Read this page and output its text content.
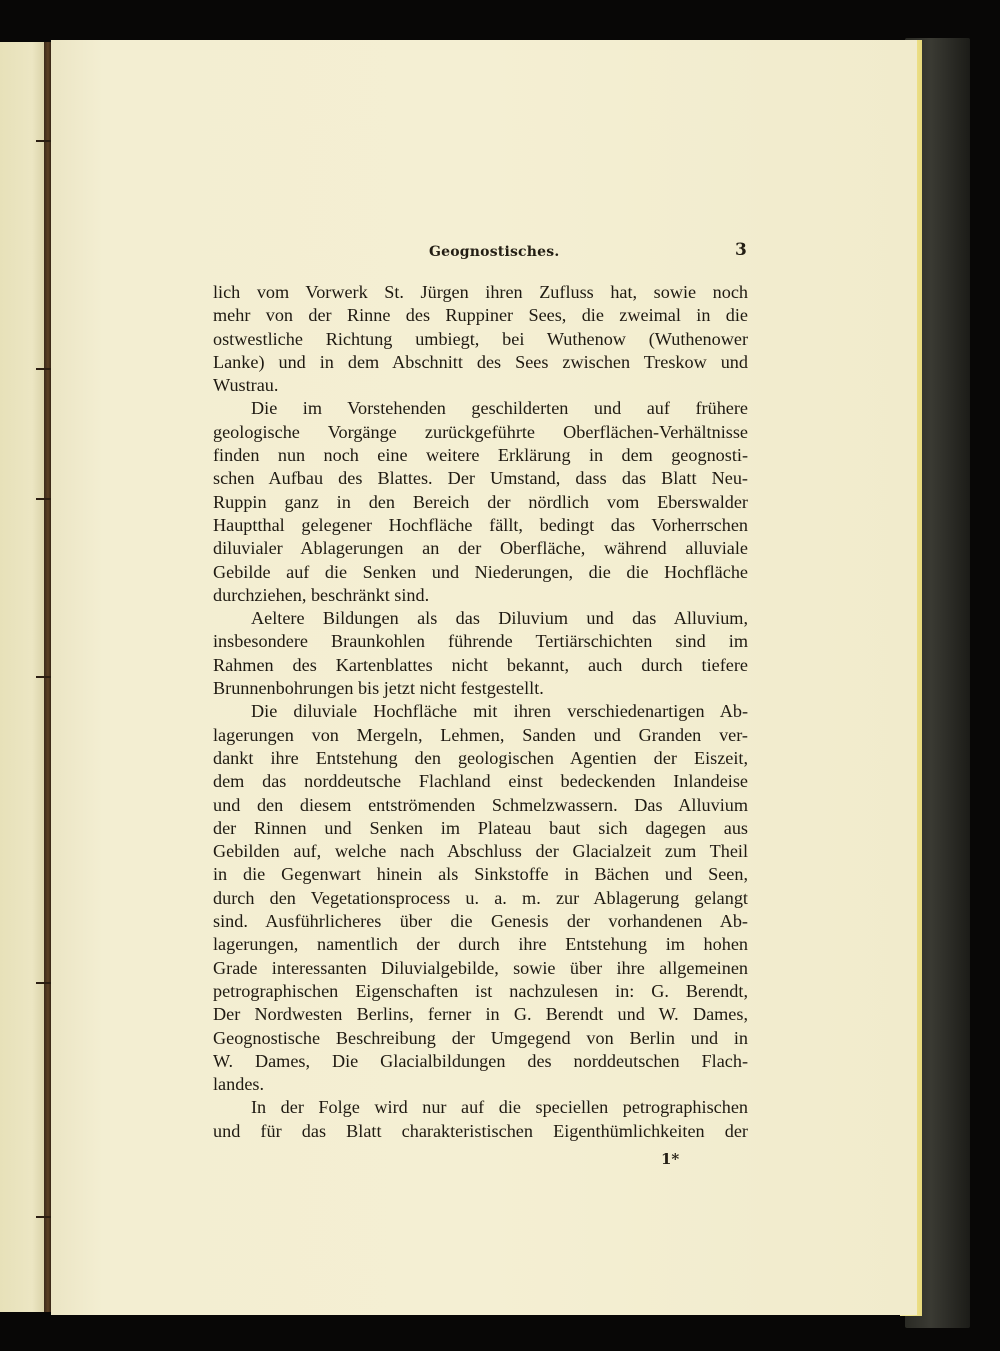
Geognostisches.	3
lich vom Vorwerk St. Jürgen ihren Zufluss hat, sowie noch
mehr von der Rinne des Ruppiner Sees, die zweimal in die
ostwestliche Richtung umbiegt, bei Wuthenow (Wuthenower
Lanke) und in dem Abschnitt des Sees zwischen Treskow und
Wustrau.
Die im Vorstehenden geschilderten und auf frühere
geologische Vorgänge zurückgeführte Oberflächen-Verhältnisse
finden nun noch eine weitere Erklärung in dem geognosti-
schen Aufbau des Blattes. Der Umstand, dass das Blatt Neu-
Ruppin ganz in den Bereich der nördlich vom Eberswalder
Hauptthal gelegener Hochfläche fällt, bedingt das Vorherrschen
diluvialer Ablagerungen an der Oberfläche, während alluviale
Gebilde auf die Senken und Niederungen, die die Hochfläche
durchziehen, beschränkt sind.
Aeltere Bildungen als das Diluvium und das Alluvium,
insbesondere Braunkohlen führende Tertiärschichten sind im
Rahmen des Kartenblattes nicht bekannt, auch durch tiefere
Brunnenbohrungen bis jetzt nicht festgestellt.
Die diluviale Hochfläche mit ihren verschiedenartigen Ab-
lagerungen von Mergeln, Lehmen, Sanden und Granden ver-
dankt ihre Entstehung den geologischen Agentien der Eiszeit,
dem das norddeutsche Flachland einst bedeckenden Inlandeise
und den diesem entströmenden Schmelzwassern. Das Alluvium
der Rinnen und Senken im Plateau baut sich dagegen aus
Gebilden auf, welche nach Abschluss der Glacialzeit zum Theil
in die Gegenwart hinein als Sinkstoffe in Bächen und Seen,
durch den Vegetationsprocess u. a. m. zur Ablagerung gelangt
sind. Ausführlicheres über die Genesis der vorhandenen Ab-
lagerungen, namentlich der durch ihre Entstehung im hohen
Grade interessanten Diluvialgebilde, sowie über ihre allgemeinen
petrographischen Eigenschaften ist nachzulesen in: G. Berendt,
Der Nordwesten Berlins, ferner in G. Berendt und W. Dames,
Geognostische Beschreibung der Umgegend von Berlin und in
W. Dames, Die Glacialbildungen des norddeutschen Flach-
landes.
In der Folge wird nur auf die speciellen petrographischen
und für das Blatt charakteristischen Eigenthümlichkeiten der
1*
